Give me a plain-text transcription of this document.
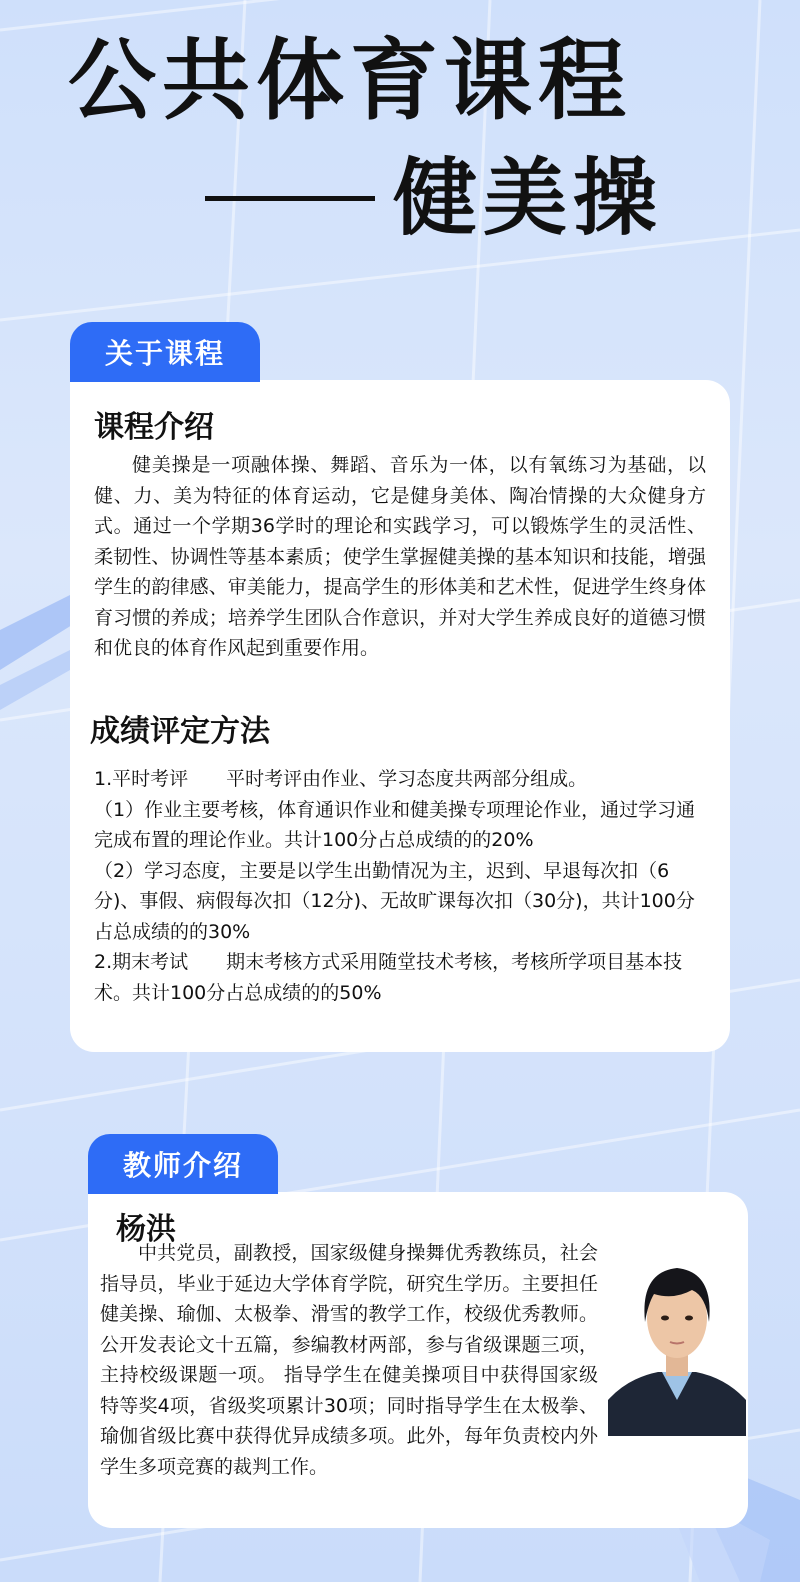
公共体育课程
健美操
关于课程
课程介绍

健美操是一项融体操、舞蹈、音乐为一体，以有氧练习为基础，以健、力、美为特征的体育运动，它是健身美体、陶冶情操的大众健身方式。通过一个学期36学时的理论和实践学习，可以锻炼学生的灵活性、柔韧性、协调性等基本素质；使学生掌握健美操的基本知识和技能，增强学生的韵律感、审美能力，提高学生的形体美和艺术性，促进学生终身体育习惯的养成；培养学生团队合作意识，并对大学生养成良好的道德习惯和优良的体育作风起到重要作用。

成绩评定方法
1.平时考评　　平时考评由作业、学习态度共两部分组成。
（1）作业主要考核，体育通识作业和健美操专项理论作业，通过学习通完成布置的理论作业。共计100分占总成绩的的20%
（2）学习态度，主要是以学生出勤情况为主，迟到、早退每次扣（6分)、事假、病假每次扣（12分)、无故旷课每次扣（30分)，共计100分占总成绩的的30%
2.期末考试　　期末考核方式采用随堂技术考核，考核所学项目基本技术。共计100分占总成绩的的50%
教师介绍
杨洪

中共党员，副教授，国家级健身操舞优秀教练员，社会指导员，毕业于延边大学体育学院，研究生学历。主要担任健美操、瑜伽、太极拳、滑雪的教学工作，校级优秀教师。公开发表论文十五篇，参编教材两部，参与省级课题三项，主持校级课题一项。 指导学生在健美操项目中获得国家级特等奖4项，省级奖项累计30项；同时指导学生在太极拳、瑜伽省级比赛中获得优异成绩多项。此外，每年负责校内外学生多项竞赛的裁判工作。
